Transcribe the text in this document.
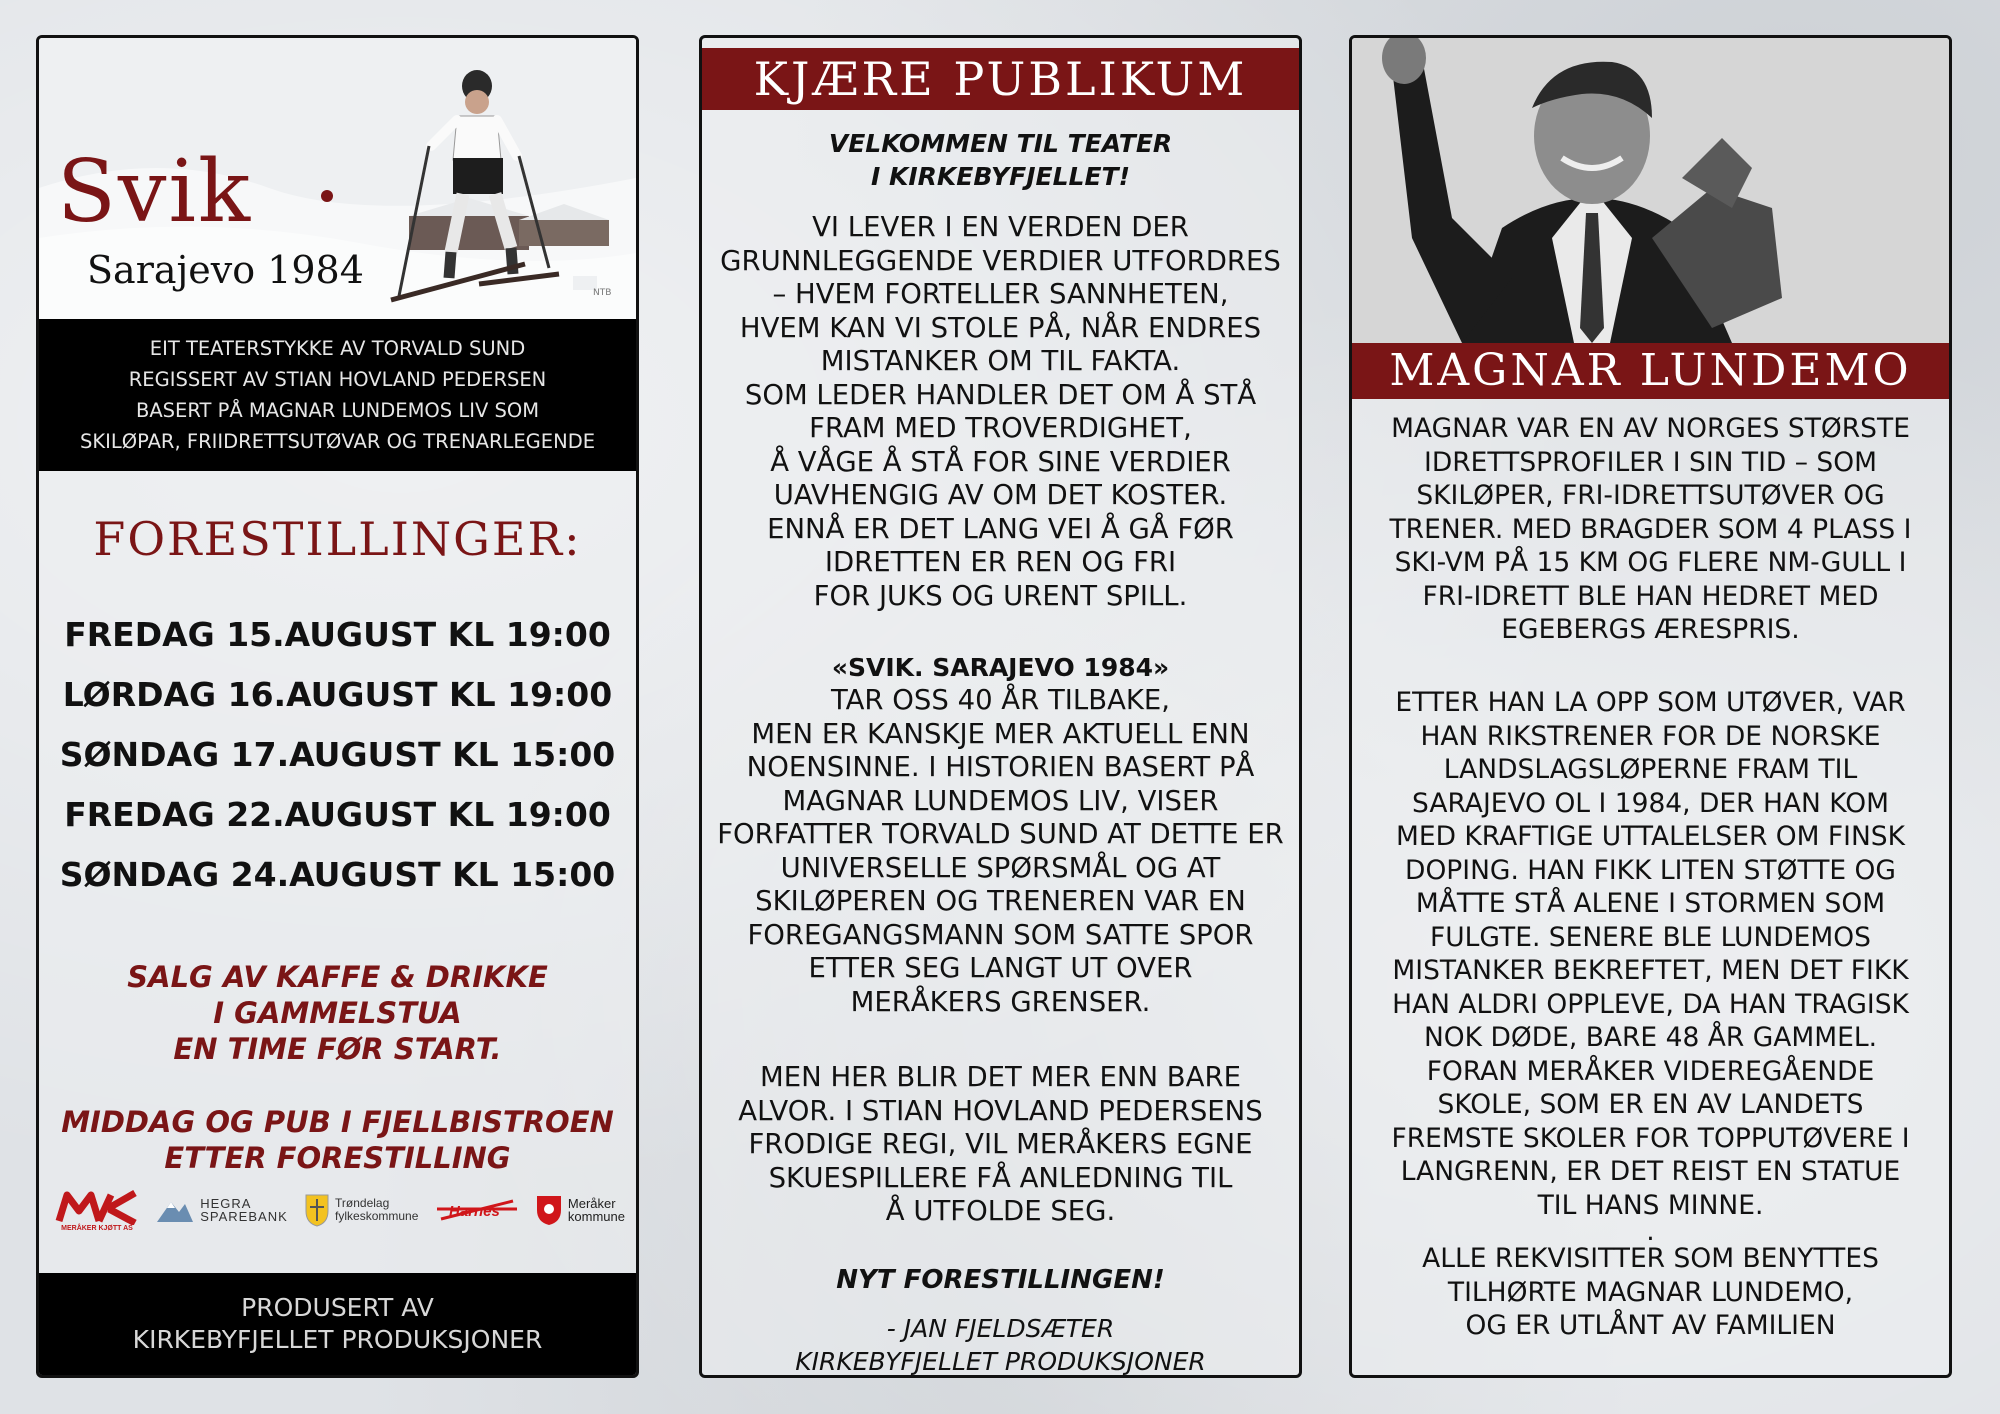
Svik
Sarajevo 1984
NTB
EIT TEATERSTYKKE AV TORVALD SUND
REGISSERT AV STIAN HOVLAND PEDERSEN
BASERT PÅ MAGNAR LUNDEMOS LIV SOM
SKILØPAR, FRIIDRETTSUTØVAR OG TRENARLEGENDE
FORESTILLINGER:
FREDAG 15.AUGUST KL 19:00
LØRDAG 16.AUGUST KL 19:00
SØNDAG 17.AUGUST KL 15:00
FREDAG 22.AUGUST KL 19:00
SØNDAG 24.AUGUST KL 15:00
SALG AV KAFFE & DRIKKE
I GAMMELSTUA
EN TIME FØR START.
MIDDAG OG PUB I FJELLBISTROEN
ETTER FORESTILLING
MERÅKER KJØTT AS
HEGRA
SPAREBANK
Trøndelag
fylkeskommune Harnes	Meråker
kommune
PRODUSERT AV
KIRKEBYFJELLET PRODUKSJONER
KJÆRE PUBLIKUM
VELKOMMEN TIL TEATER
I KIRKEBYFJELLET!
VI LEVER I EN VERDEN DER
GRUNNLEGGENDE VERDIER UTFORDRES
– HVEM FORTELLER SANNHETEN,
HVEM KAN VI STOLE PÅ, NÅR ENDRES
MISTANKER OM TIL FAKTA.
SOM LEDER HANDLER DET OM Å STÅ
FRAM MED TROVERDIGHET,
Å VÅGE Å STÅ FOR SINE VERDIER
UAVHENGIG AV OM DET KOSTER.
ENNÅ ER DET LANG VEI Å GÅ FØR
IDRETTEN ER REN OG FRI
FOR JUKS OG URENT SPILL.
«SVIK. SARAJEVO 1984»
TAR OSS 40 ÅR TILBAKE,
MEN ER KANSKJE MER AKTUELL ENN
NOENSINNE. I HISTORIEN BASERT PÅ
MAGNAR LUNDEMOS LIV, VISER
FORFATTER TORVALD SUND AT DETTE ER
UNIVERSELLE SPØRSMÅL OG AT
SKILØPEREN OG TRENEREN VAR EN
FOREGANGSMANN SOM SATTE SPOR
ETTER SEG LANGT UT OVER
MERÅKERS GRENSER.
MEN HER BLIR DET MER ENN BARE
ALVOR. I STIAN HOVLAND PEDERSENS
FRODIGE REGI, VIL MERÅKERS EGNE
SKUESPILLERE FÅ ANLEDNING TIL
Å UTFOLDE SEG.
NYT FORESTILLINGEN!
- JAN FJELDSÆTER
KIRKEBYFJELLET PRODUKSJONER
MAGNAR LUNDEMO
MAGNAR VAR EN AV NORGES STØRSTE
IDRETTSPROFILER I SIN TID – SOM
SKILØPER, FRI-IDRETTSUTØVER OG
TRENER. MED BRAGDER SOM 4 PLASS I
SKI-VM PÅ 15 KM OG FLERE NM-GULL I
FRI-IDRETT BLE HAN HEDRET MED
EGEBERGS ÆRESPRIS.
ETTER HAN LA OPP SOM UTØVER, VAR
HAN RIKSTRENER FOR DE NORSKE
LANDSLAGSLØPERNE FRAM TIL
SARAJEVO OL I 1984, DER HAN KOM
MED KRAFTIGE UTTALELSER OM FINSK
DOPING. HAN FIKK LITEN STØTTE OG
MÅTTE STÅ ALENE I STORMEN SOM
FULGTE. SENERE BLE LUNDEMOS
MISTANKER BEKREFTET, MEN DET FIKK
HAN ALDRI OPPLEVE, DA HAN TRAGISK
NOK DØDE, BARE 48 ÅR GAMMEL.
FORAN MERÅKER VIDEREGÅENDE
SKOLE, SOM ER EN AV LANDETS
FREMSTE SKOLER FOR TOPPUTØVERE I
LANGRENN, ER DET REIST EN STATUE
TIL HANS MINNE.
.
ALLE REKVISITTER SOM BENYTTES
TILHØRTE MAGNAR LUNDEMO,
OG ER UTLÅNT AV FAMILIEN
